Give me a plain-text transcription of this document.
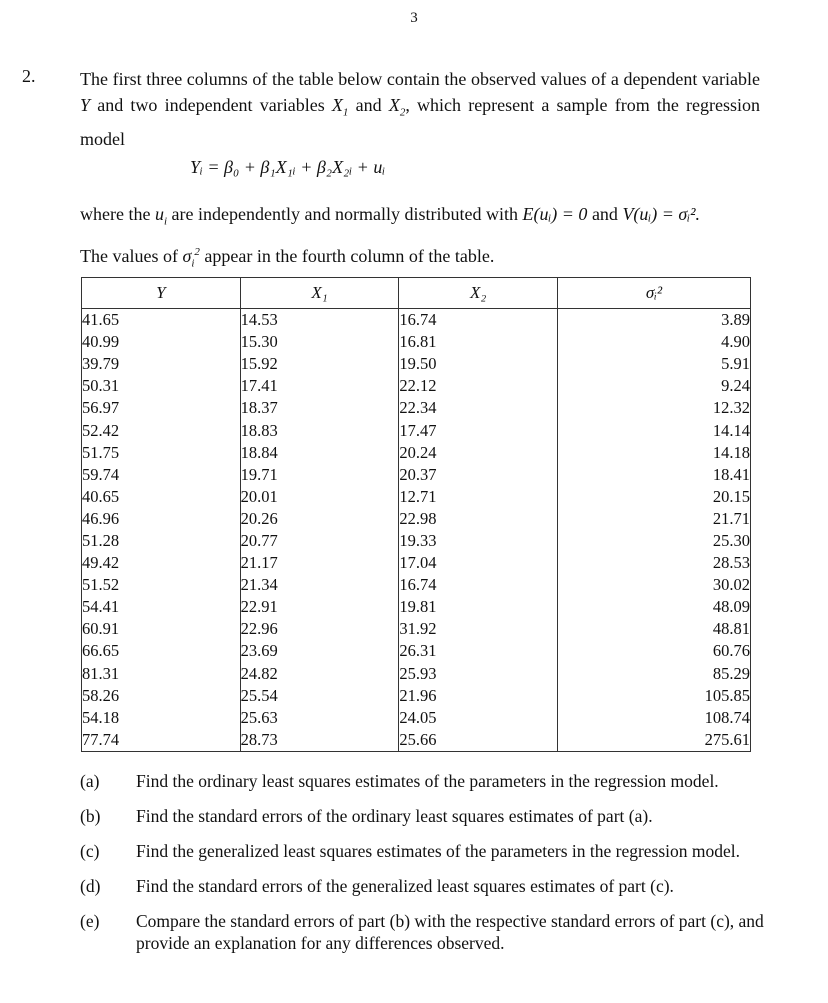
3
2. The first three columns of the table below contain the observed values of a dependent variable Y and two independent variables $X_1$ and $X_2$, which represent a sample from the regression model
Yᵢ = β₀ + β₁X₁ᵢ + β₂X₂ᵢ + uᵢ
where the $u_i$ are independently and normally distributed with E(uᵢ) = 0 and V(uᵢ) = σᵢ².
The values of $\sigma_i^2$ appear in the fourth column of the table.
Y	X₁	X₂	σᵢ²
41.65	14.53	16.74	3.89
40.99	15.30	16.81	4.90
39.79	15.92	19.50	5.91
50.31	17.41	22.12	9.24
56.97	18.37	22.34	12.32
52.42	18.83	17.47	14.14
51.75	18.84	20.24	14.18
59.74	19.71	20.37	18.41
40.65	20.01	12.71	20.15
46.96	20.26	22.98	21.71
51.28	20.77	19.33	25.30
49.42	21.17	17.04	28.53
51.52	21.34	16.74	30.02
54.41	22.91	19.81	48.09
60.91	22.96	31.92	48.81
66.65	23.69	26.31	60.76
81.31	24.82	25.93	85.29
58.26	25.54	21.96	105.85
54.18	25.63	24.05	108.74
77.74	28.73	25.66	275.61
(a)	Find the ordinary least squares estimates of the parameters in the regression model.
(b)	Find the standard errors of the ordinary least squares estimates of part (a).
(c)	Find the generalized least squares estimates of the parameters in the regression model.
(d)	Find the standard errors of the generalized least squares estimates of part (c).
(e)	Compare the standard errors of part (b) with the respective standard errors of part (c), and provide an explanation for any differences observed.
